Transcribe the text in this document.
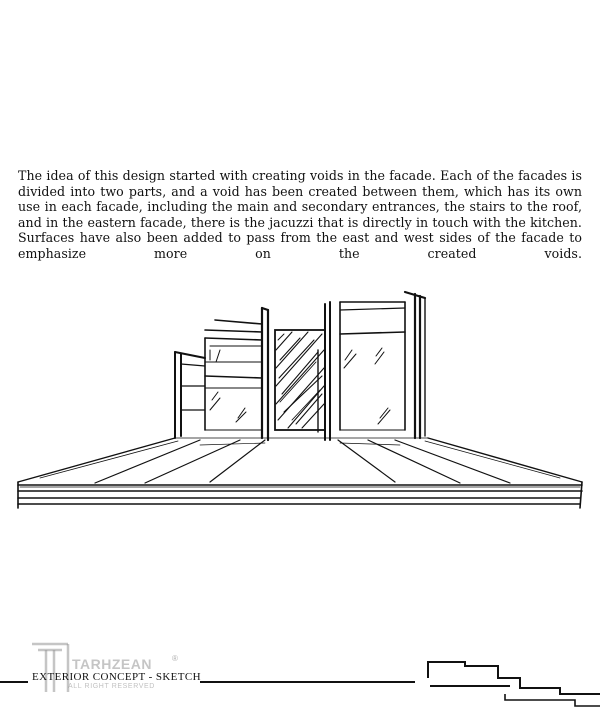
The idea of this design started with creating voids in the facade. Each of the facades is divided into two parts, and a void has been created between them, which has its own use in each facade, including the main and secondary entrances, the stairs to the roof, and in the eastern facade, there is the jacuzzi that is directly in touch with the kitchen. Surfaces have also been added to pass from the east and west sides of the facade to emphasize more on the created voids.

TARHZEAN
ALL RIGHT RESERVED
®
EXTERIOR CONCEPT - SKETCH
